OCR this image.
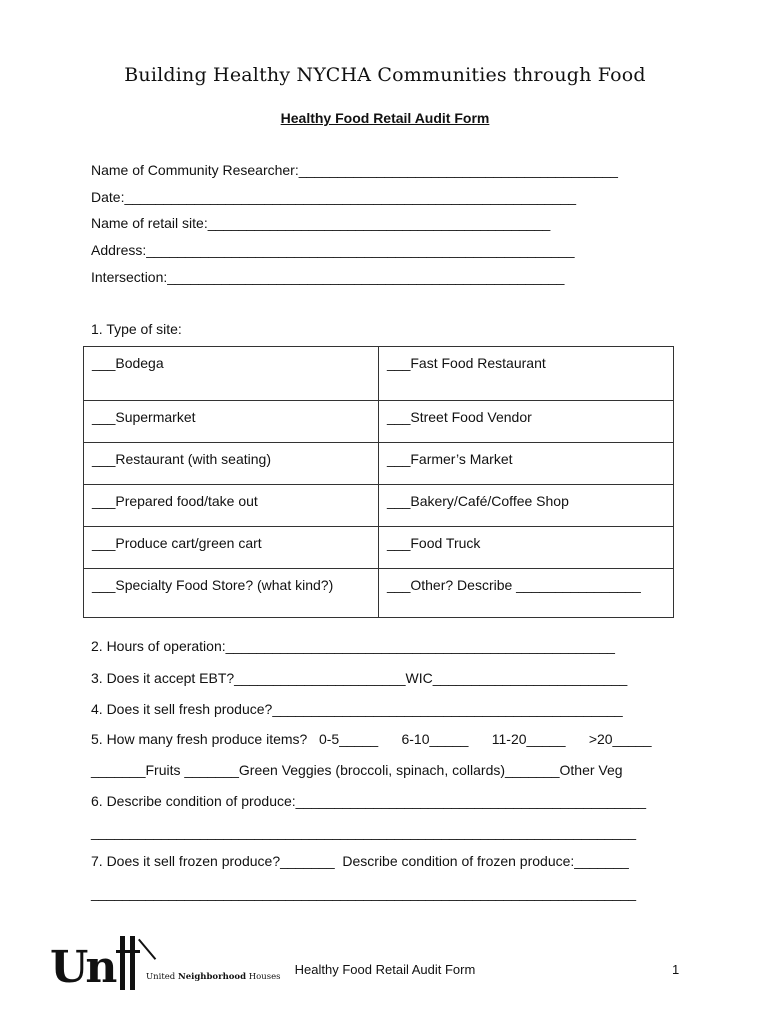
Building Healthy NYCHA Communities through Food
Healthy Food Retail Audit Form
Name of Community Researcher:_________________________________________
Date:__________________________________________________________
Name of retail site:____________________________________________
Address:_______________________________________________________
Intersection:___________________________________________________
1. Type of site:
___Bodega	___Fast Food Restaurant
___Supermarket	___Street Food Vendor
___Restaurant (with seating)	___Farmer’s Market
___Prepared food/take out	___Bakery/Café/Coffee Shop
___Produce cart/green cart	___Food Truck
___Specialty Food Store? (what kind?)	___Other? Describe ________________
2. Hours of operation:__________________________________________________
3. Does it accept EBT?______________________WIC_________________________
4. Does it sell fresh produce?_____________________________________________
5. How many fresh produce items?   0-5_____      6-10_____      11-20_____      >20_____
_______Fruits _______Green Veggies (broccoli, spinach, collards)_______Other Veg
6. Describe condition of produce:_____________________________________________
______________________________________________________________________
7. Does it sell frozen produce?_______  Describe condition of frozen produce:_______
______________________________________________________________________
Un	United Neighborhood Houses	Healthy Food Retail Audit Form	1
